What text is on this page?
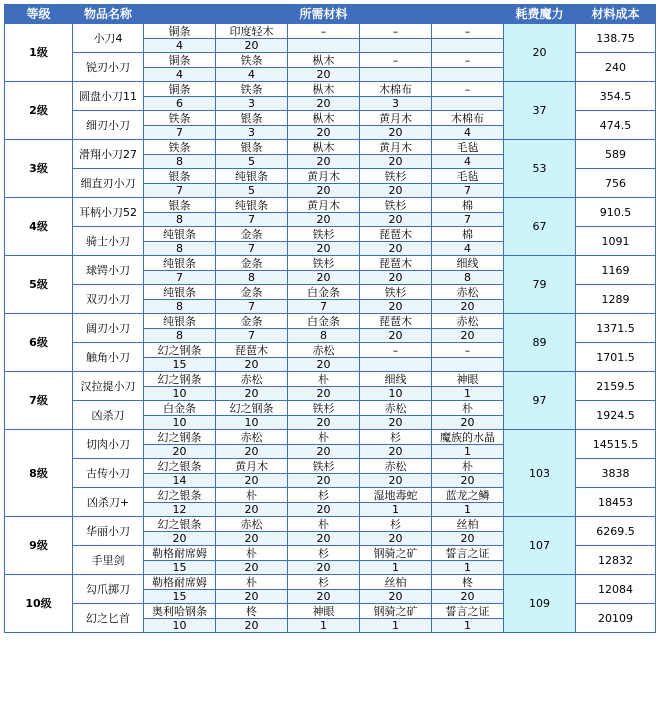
等级	物品名称	所需材料					耗费魔力	材料成本
1级	小刀4	铜条	印度轻木	–	–	–	20	138.75
		4	20					
	锐刃小刀	铜条	铁条	枞木	–	–		240
		4	4	20				
2级	圆盘小刀11	铜条	铁条	枞木	木棉布	–	37	354.5
		6	3	20	3			
	细刃小刀	铁条	银条	枞木	黄月木	木棉布		474.5
		7	3	20	20	4		
3级	滑翔小刀27	铁条	银条	枞木	黄月木	毛毡	53	589
		8	5	20	20	4		
	细直刃小刀	银条	纯银条	黄月木	铁杉	毛毡		756
		7	5	20	20	7		
4级	耳柄小刀52	银条	纯银条	黄月木	铁杉	棉	67	910.5
		8	7	20	20	7		
	骑士小刀	纯银条	金条	铁杉	琵琶木	棉		1091
		8	7	20	20	4		
5级	球锷小刀	纯银条	金条	铁杉	琵琶木	细线	79	1169
		7	8	20	20	8		
	双刃小刀	纯银条	金条	白金条	铁杉	赤松		1289
		8	7	7	20	20		
6级	阔刃小刀	纯银条	金条	白金条	琵琶木	赤松	89	1371.5
		8	7	8	20	20		
	触角小刀	幻之钢条	琵琶木	赤松	–	–		1701.5
		15	20	20				
7级	汉拉提小刀	幻之钢条	赤松	朴	细线	神眼	97	2159.5
		10	20	20	10	1		
	凶杀刀	白金条	幻之钢条	铁杉	赤松	朴		1924.5
		10	10	20	20	20		
8级	切肉小刀	幻之钢条	赤松	朴	杉	魔族的水晶	103	14515.5
		20	20	20	20	1		
	古传小刀	幻之银条	黄月木	铁杉	赤松	朴		3838
		14	20	20	20	20		
	凶杀刀+	幻之银条	朴	杉	湿地毒蛇	蓝龙之鳞		18453
		12	20	20	1	1		
9级	华丽小刀	幻之银条	赤松	朴	杉	丝柏	107	6269.5
		20	20	20	20	20		
	手里剑	勒格耐席姆	朴	杉	钢骑之矿	誓言之证		12832
		15	20	20	1	1		
10级	勾爪掷刀	勒格耐席姆	朴	杉	丝柏	柊	109	12084
		15	20	20	20	20		
	幻之匕首	奥利哈钢条	柊	神眼	钢骑之矿	誓言之证		20109
		10	20	1	1	1		
